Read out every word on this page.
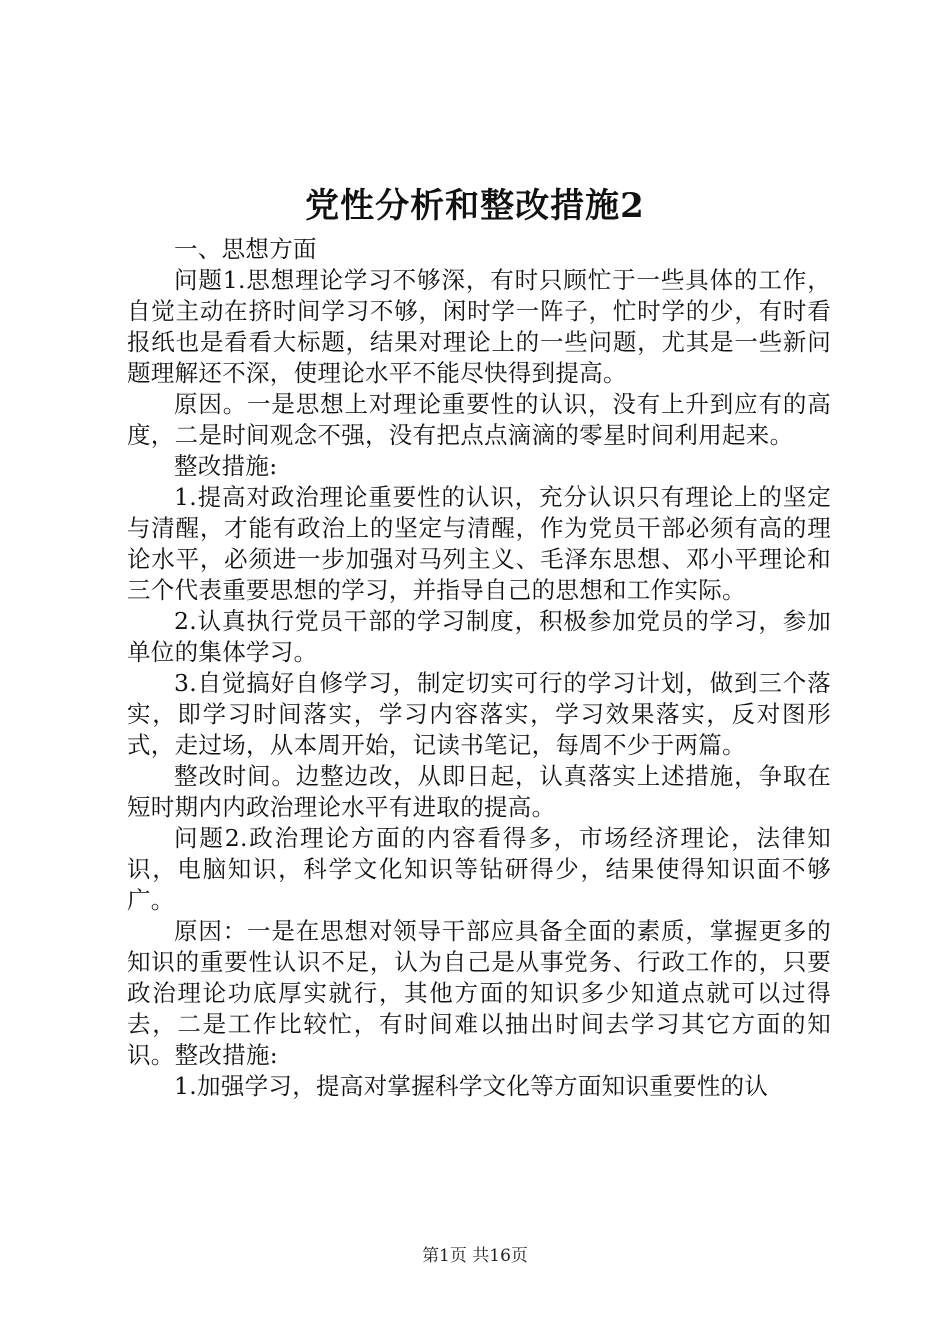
党性分析和整改措施2

一、思想方面

问题1.思想理论学习不够深，有时只顾忙于一些具体的工作，自觉主动在挤时间学习不够，闲时学一阵子，忙时学的少，有时看报纸也是看看大标题，结果对理论上的一些问题，尤其是一些新问题理解还不深，使理论水平不能尽快得到提高。

原因。一是思想上对理论重要性的认识，没有上升到应有的高度，二是时间观念不强，没有把点点滴滴的零星时间利用起来。

整改措施:

1.提高对政治理论重要性的认识，充分认识只有理论上的坚定与清醒，才能有政治上的坚定与清醒，作为党员干部必须有高的理论水平，必须进一步加强对马列主义、毛泽东思想、邓小平理论和三个代表重要思想的学习，并指导自己的思想和工作实际。

2.认真执行党员干部的学习制度，积极参加党员的学习，参加单位的集体学习。

3.自觉搞好自修学习，制定切实可行的学习计划，做到三个落实，即学习时间落实，学习内容落实，学习效果落实，反对图形式，走过场，从本周开始，记读书笔记，每周不少于两篇。

整改时间。边整边改，从即日起，认真落实上述措施，争取在短时期内内政治理论水平有进取的提高。

问题2.政治理论方面的内容看得多，市场经济理论，法律知识，电脑知识，科学文化知识等钻研得少，结果使得知识面不够广。

原因：一是在思想对领导干部应具备全面的素质，掌握更多的知识的重要性认识不足，认为自己是从事党务、行政工作的，只要政治理论功底厚实就行，其他方面的知识多少知道点就可以过得去，二是工作比较忙，有时间难以抽出时间去学习其它方面的知识。整改措施:

1.加强学习，提高对掌握科学文化等方面知识重要性的认

第1页 共16页
